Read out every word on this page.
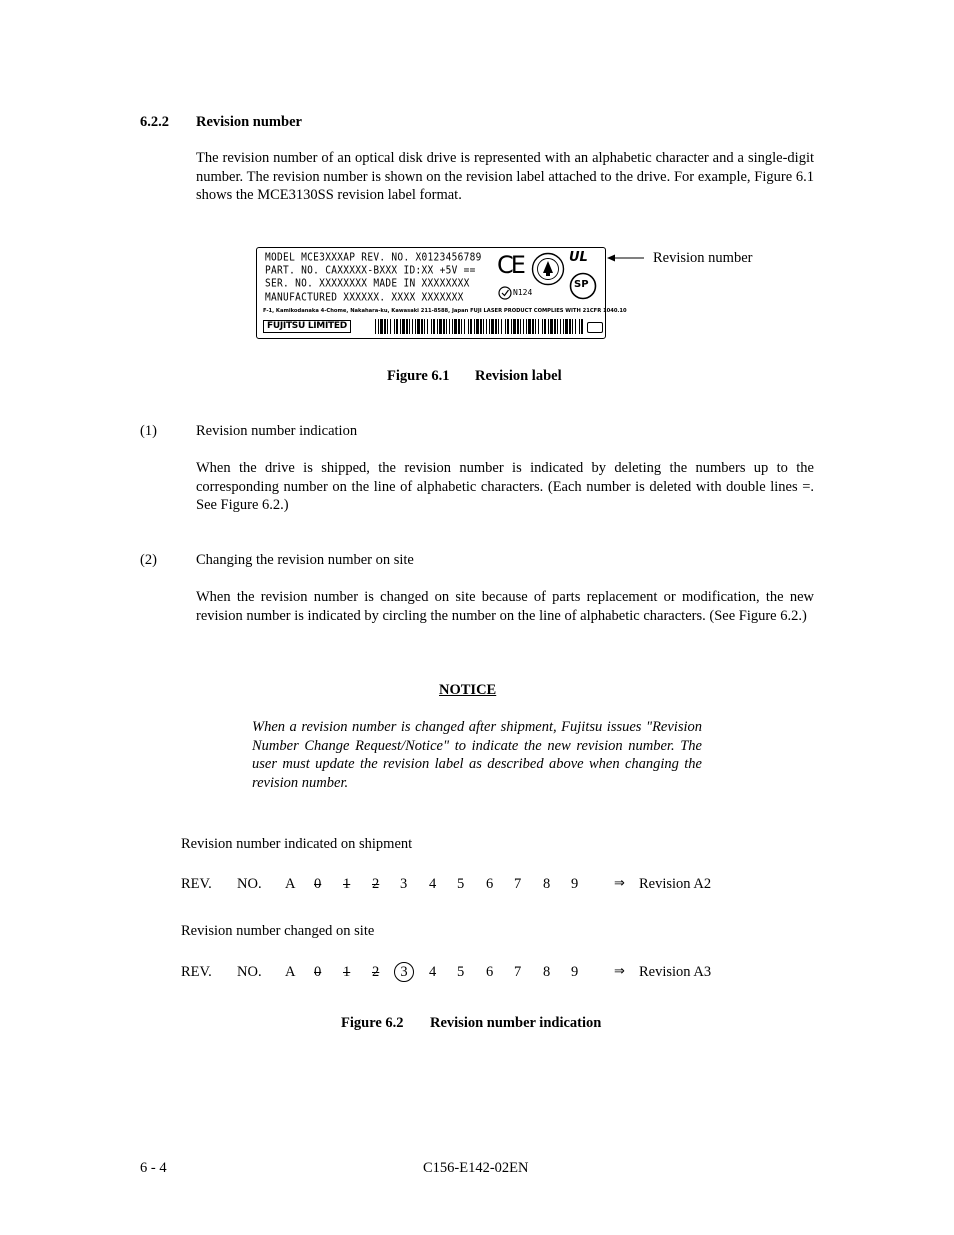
6.2.2 Revision number

The revision number of an optical disk drive is represented with an alphabetic character and a single-digit number. The revision number is shown on the revision label attached to the drive. For example, Figure 6.1 shows the MCE3130SS revision label format.

MODEL MCE3XXXAP REV. NO. X0123456789
PART. NO. CAXXXXX-BXXX ID:XX +5V ==
SER. NO. XXXXXXXX MADE IN XXXXXXXX
MANUFACTURED XXXXXX. XXXX XXXXXXX
F-1, Kamikodanaka 4-Chome, Nakahara-ku, Kawasaki 211-8588, Japan FUJI LASER PRODUCT COMPLIES WITH 21CFR 1040.10
FUJITSU LIMITED
CE	UL
SP
N124
Revision number
Figure 6.1 Revision label
(1)	Revision number indication

When the drive is shipped, the revision number is indicated by deleting the numbers up to the corresponding number on the line of alphabetic characters. (Each number is deleted with double lines =. See Figure 6.2.)

(2)	Changing the revision number on site

When the revision number is changed on site because of parts replacement or modification, the new revision number is indicated by circling the number on the line of alphabetic characters. (See Figure 6.2.)

NOTICE

When a revision number is changed after shipment, Fujitsu issues "Revision Number Change Request/Notice" to indicate the new revision number. The user must update the revision label as described above when changing the revision number.

Revision number indicated on shipment
REV. NO. A 0 1 2 3 4 5 6 7 8 9	⇒ Revision A2
Revision number changed on site
REV. NO. A 0 1 2	3	4 5 6 7 8 9	⇒ Revision A3
Figure 6.2 Revision number indication
6 - 4	C156-E142-02EN
